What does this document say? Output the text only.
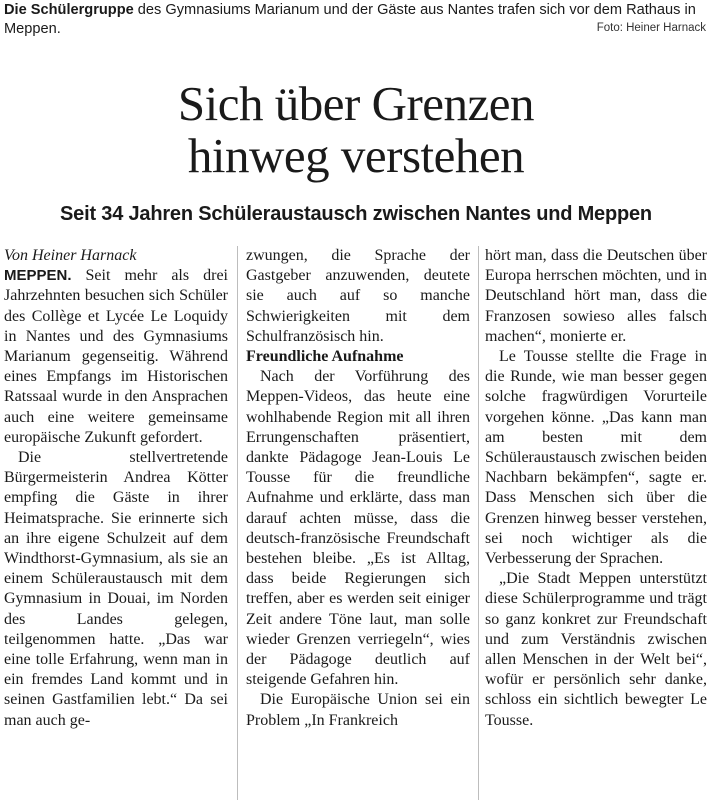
Die Schülergruppe des Gymnasiums Marianum und der Gäste aus Nantes trafen sich vor dem Rathaus in Meppen.	Foto: Heiner Harnack
Sich über Grenzen
hinweg verstehen
Seit 34 Jahren Schüleraustausch zwischen Nantes und Meppen

Von Heiner Harnack

MEPPEN. Seit mehr als drei Jahrzehnten besuchen sich Schüler des Collège et Lycée Le Loquidy in Nantes und des Gymnasiums Marianum gegenseitig. Während eines Empfangs im Historischen Ratssaal wurde in den Ansprachen auch eine weitere gemeinsame europäische Zukunft gefordert.

Die stellvertretende Bürgermeisterin Andrea Kötter empfing die Gäste in ihrer Heimatsprache. Sie erinnerte sich an ihre eigene Schulzeit auf dem Windthorst-Gymnasium, als sie an einem Schüleraustausch mit dem Gymnasium in Douai, im Norden des Landes gelegen, teilgenommen hatte. „Das war eine tolle Erfahrung, wenn man in ein fremdes Land kommt und in seinen Gastfamilien lebt.“ Da sei man auch ge-

zwungen, die Sprache der Gastgeber anzuwenden, deutete sie auch auf so manche Schwierigkeiten mit dem Schulfranzösisch hin.

Freundliche Aufnahme

Nach der Vorführung des Meppen-Videos, das heute eine wohlhabende Region mit all ihren Errungenschaften präsentiert, dankte Pädagoge Jean-Louis Le Tousse für die freundliche Aufnahme und erklärte, dass man darauf achten müsse, dass die deutsch-französische Freundschaft bestehen bleibe. „Es ist Alltag, dass beide Regierungen sich treffen, aber es werden seit einiger Zeit andere Töne laut, man solle wieder Grenzen verriegeln“, wies der Pädagoge deutlich auf steigende Gefahren hin.

Die Europäische Union sei ein Problem „In Frankreich

hört man, dass die Deutschen über Europa herrschen möchten, und in Deutschland hört man, dass die Franzosen sowieso alles falsch machen“, monierte er.

Le Tousse stellte die Frage in die Runde, wie man besser gegen solche fragwürdigen Vorurteile vorgehen könne. „Das kann man am besten mit dem Schüleraustausch zwischen beiden Nachbarn bekämpfen“, sagte er. Dass Menschen sich über die Grenzen hinweg besser verstehen, sei noch wichtiger als die Verbesserung der Sprachen.

„Die Stadt Meppen unterstützt diese Schülerprogramme und trägt so ganz konkret zur Freundschaft und zum Verständnis zwischen allen Menschen in der Welt bei“, wofür er persönlich sehr danke, schloss ein sichtlich bewegter Le Tousse.
